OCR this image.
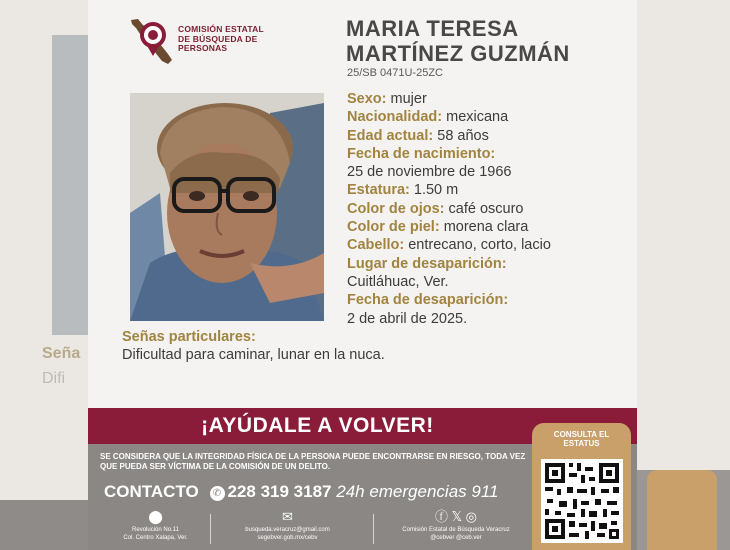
Seña
Difi
COMISIÓN ESTATAL
DE BÚSQUEDA DE
PERSONAS
MARIA TERESA
MARTÍNEZ GUZMÁN
25/SB 0471U-25ZC
Sexo: mujer
Nacionalidad: mexicana
Edad actual: 58 años
Fecha de nacimiento:
25 de noviembre de 1966
Estatura: 1.50 m
Color de ojos: café oscuro
Color de piel: morena clara
Cabello: entrecano, corto, lacio
Lugar de desaparición:
Cuitláhuac, Ver.
Fecha de desaparición:
2 de abril de 2025.
Señas particulares:
Dificultad para caminar, lunar en la nuca.
¡AYÚDALE A VOLVER!
SE CONSIDERA QUE LA INTEGRIDAD FÍSICA DE LA PERSONA PUEDE ENCONTRARSE EN RIESGO, TODA VEZ QUE PUEDA SER VÍCTIMA DE LA COMISIÓN DE UN DELITO.
CONTACTO ✆ 228 319 3187 24h emergencias 911
⬤
Revolución No.11
Col. Centro Xalapa, Ver.
✉
busqueda.veracruz@gmail.com
segebver.gob.mx/cebv
ⓕ 𝕏 ◎
Comisión Estatal de Búsqueda Veracruz
@cebver @ceb.ver
CONSULTA EL ESTATUS
